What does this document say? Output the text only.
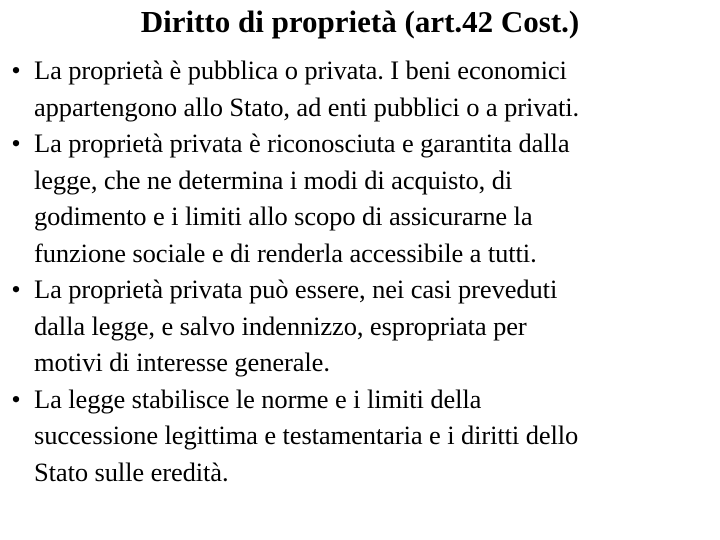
Diritto di proprietà (art.42 Cost.)
• La proprietà è pubblica o privata. I beni economici
appartengono allo Stato, ad enti pubblici o a privati.
• La proprietà privata è riconosciuta e garantita dalla
legge, che ne determina i modi di acquisto, di
godimento e i limiti allo scopo di assicurarne la
funzione sociale e di renderla accessibile a tutti.
• La proprietà privata può essere, nei casi preveduti
dalla legge, e salvo indennizzo, espropriata per
motivi di interesse generale.
• La legge stabilisce le norme e i limiti della
successione legittima e testamentaria e i diritti dello
Stato sulle eredità.
